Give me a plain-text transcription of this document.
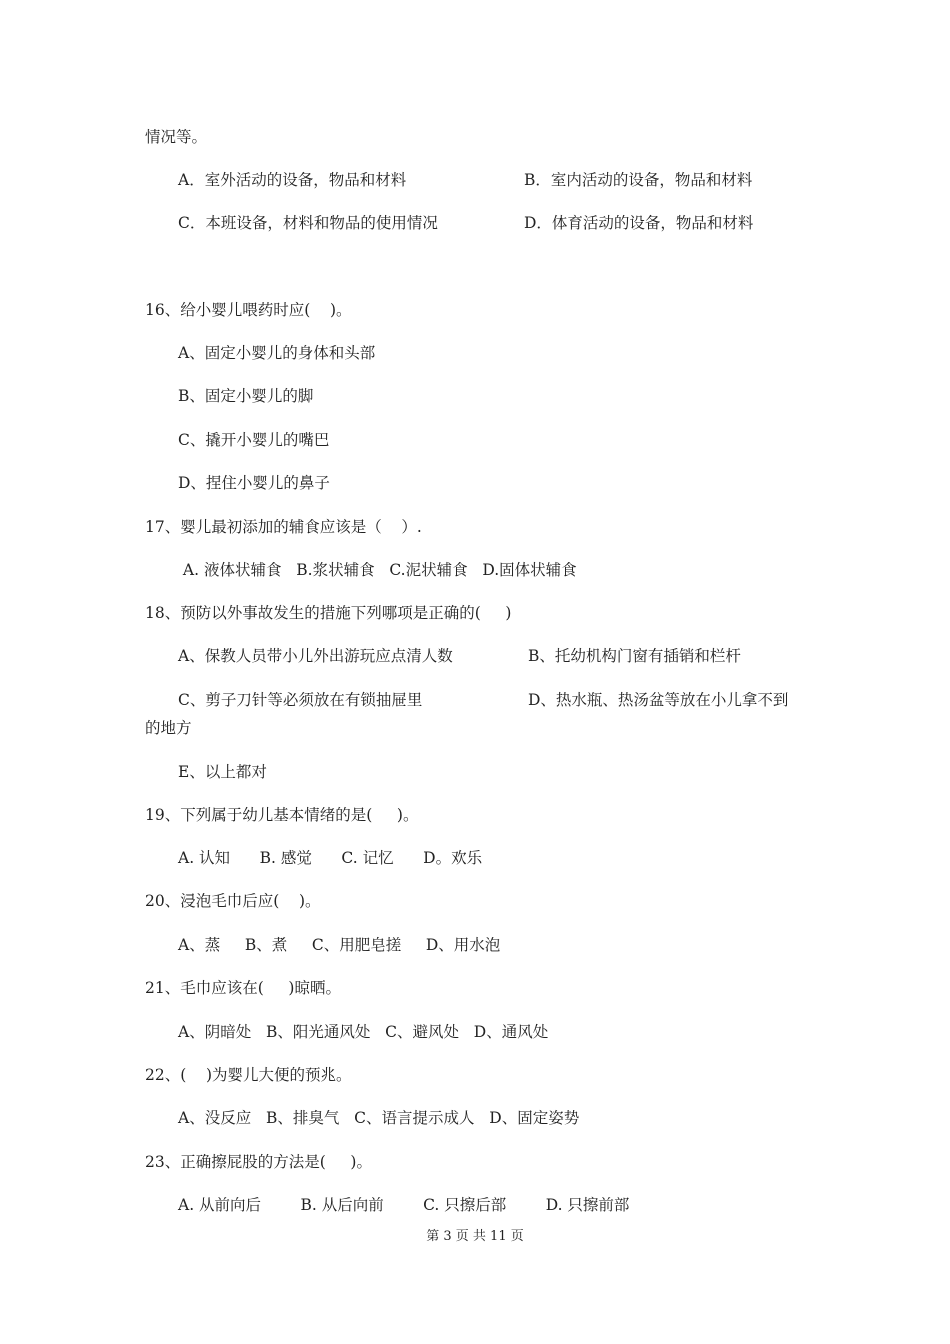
情况等。
A．室外活动的设备，物品和材料	B．室内活动的设备，物品和材料
C．本班设备，材料和物品的使用情况	D．体育活动的设备，物品和材料
16、给小婴儿喂药时应(    )。
A、固定小婴儿的身体和头部
B、固定小婴儿的脚
C、撬开小婴儿的嘴巴
D、捏住小婴儿的鼻子
17、婴儿最初添加的辅食应该是（    ）.
A. 液体状辅食   B.浆状辅食   C.泥状辅食   D.固体状辅食
18、预防以外事故发生的措施下列哪项是正确的(     )
A、保教人员带小儿外出游玩应点清人数	B、托幼机构门窗有插销和栏杆
C、剪子刀针等必须放在有锁抽屉里	D、热水瓶、热汤盆等放在小儿拿不到
的地方
E、以上都对
19、下列属于幼儿基本情绪的是(     )。
A. 认知      B. 感觉      C. 记忆      D。欢乐
20、浸泡毛巾后应(    )。
A、蒸     B、煮     C、用肥皂搓     D、用水泡
21、毛巾应该在(     )晾晒。
A、阴暗处   B、阳光通风处   C、避风处   D、通风处
22、(    )为婴儿大便的预兆。
A、没反应   B、排臭气   C、语言提示成人   D、固定姿势
23、正确擦屁股的方法是(     )。
A. 从前向后        B. 从后向前        C. 只擦后部        D. 只擦前部
第 3 页 共 11 页
